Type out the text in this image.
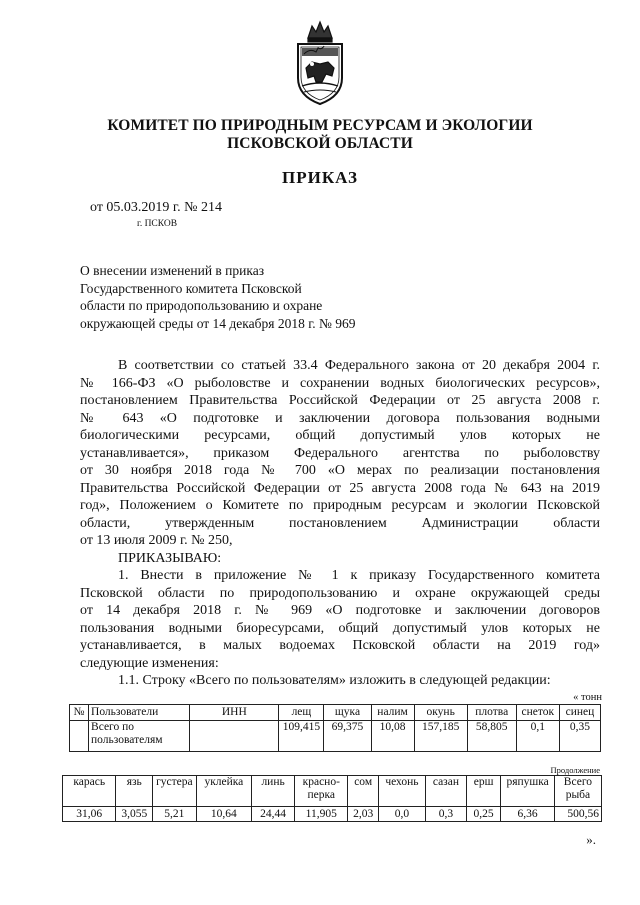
КОМИТЕТ ПО ПРИРОДНЫМ РЕСУРСАМ И ЭКОЛОГИИ
ПСКОВСКОЙ ОБЛАСТИ
ПРИКАЗ
от 05.03.2019 г. № 214
г. ПСКОВ
О внесении изменений в приказ
Государственного комитета Псковской
области по природопользованию и охране
окружающей среды от 14 декабря 2018 г. № 969
В соответствии со статьей 33.4 Федерального закона от 20 декабря 2004 г.
№ 166-ФЗ «О рыболовстве и сохранении водных биологических ресурсов»,
постановлением Правительства Российской Федерации от 25 августа 2008 г.
№ 643 «О подготовке и заключении договора пользования водными
биологическими ресурсами, общий допустимый улов которых не
устанавливается», приказом Федерального агентства по рыболовству
от 30 ноября 2018 года № 700 «О мерах по реализации постановления
Правительства Российской Федерации от 25 августа 2008 года № 643 на 2019
год», Положением о Комитете по природным ресурсам и экологии Псковской
области, утвержденным постановлением Администрации области
от 13 июля 2009 г. № 250,
ПРИКАЗЫВАЮ:
1. Внести в приложение № 1 к приказу Государственного комитета
Псковской области по природопользованию и охране окружающей среды
от 14 декабря 2018 г. № 969 «О подготовке и заключении договоров
пользования водными биоресурсами, общий допустимый улов которых не
устанавливается, в малых водоемах Псковской области на 2019 год»
следующие изменения:
1.1. Строку «Всего по пользователям» изложить в следующей редакции:
« тонн
№	Пользователи	ИНН	лещ	щука	налим	окунь	плотва	снеток	синец
	Всего по пользователям		109,415	69,375	10,08	157,185	58,805	0,1	0,35
Продолжение
карась	язь	густера	уклейка	линь	красно-перка	сом	чехонь	сазан	ерш	ряпушка	Всего рыба
31,06	3,055	5,21	10,64	24,44	11,905	2,03	0,0	0,3	0,25	6,36	500,56
».
